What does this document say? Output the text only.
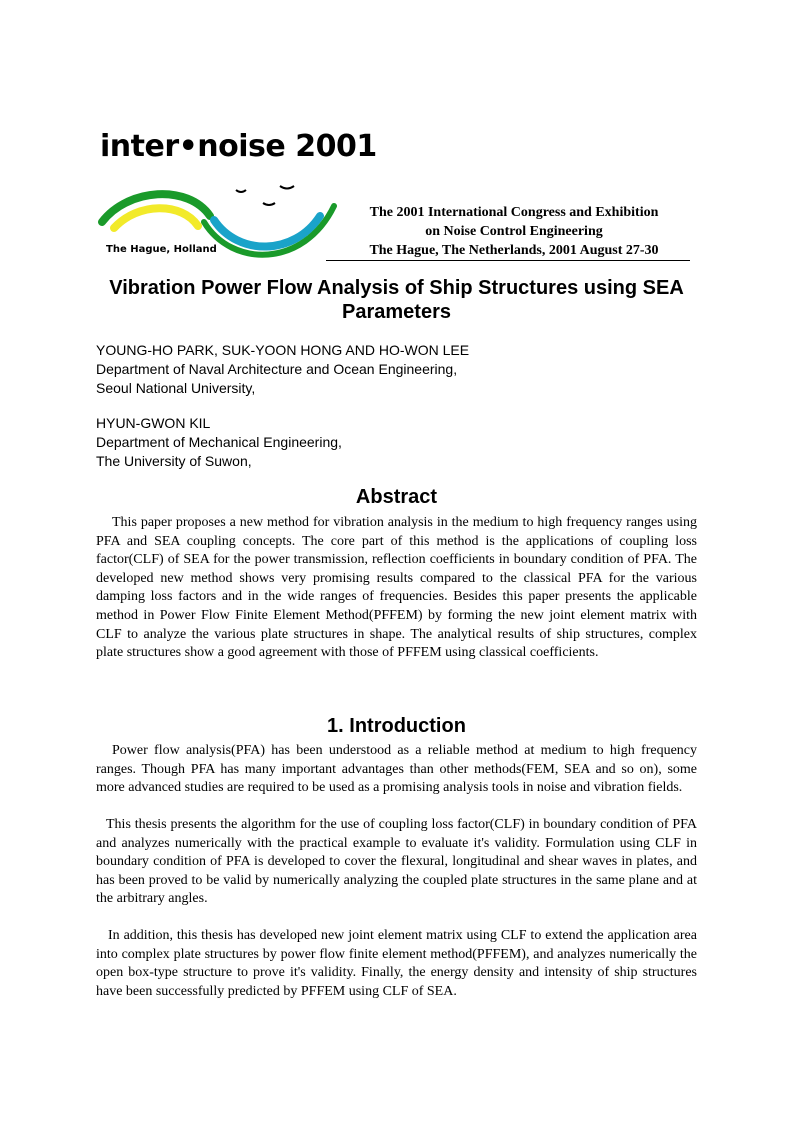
inter•noise 2001
The Hague, Holland
The 2001 International Congress and Exhibition
on Noise Control Engineering
The Hague, The Netherlands, 2001 August 27-30
Vibration Power Flow Analysis of Ship Structures using SEA Parameters
YOUNG-HO PARK, SUK-YOON HONG AND HO-WON LEE
Department of Naval Architecture and Ocean Engineering,
Seoul National University,
HYUN-GWON KIL
Department of Mechanical Engineering,
The University of Suwon,
Abstract

This paper proposes a new method for vibration analysis in the medium to high frequency ranges using PFA and SEA coupling concepts. The core part of this method is the applications of coupling loss factor(CLF) of SEA for the power transmission, reflection coefficients in boundary condition of PFA. The developed new method shows very promising results compared to the classical PFA for the various damping loss factors and in the wide ranges of frequencies. Besides this paper presents the applicable method in Power Flow Finite Element Method(PFFEM) by forming the new joint element matrix with CLF to analyze the various plate structures in shape. The analytical results of ship structures, complex plate structures show a good agreement with those of PFFEM using classical coefficients.

1. Introduction

Power flow analysis(PFA) has been understood as a reliable method at medium to high frequency ranges. Though PFA has many important advantages than other methods(FEM, SEA and so on), some more advanced studies are required to be used as a promising analysis tools in noise and vibration fields.

This thesis presents the algorithm for the use of coupling loss factor(CLF) in boundary condition of PFA and analyzes numerically with the practical example to evaluate it's validity. Formulation using CLF in boundary condition of PFA is developed to cover the flexural, longitudinal and shear waves in plates, and has been proved to be valid by numerically analyzing the coupled plate structures in the same plane and at the arbitrary angles.

In addition, this thesis has developed new joint element matrix using CLF to extend the application area into complex plate structures by power flow finite element method(PFFEM), and analyzes numerically the open box-type structure to prove it's validity. Finally, the energy density and intensity of ship structures have been successfully predicted by PFFEM using CLF of SEA.
